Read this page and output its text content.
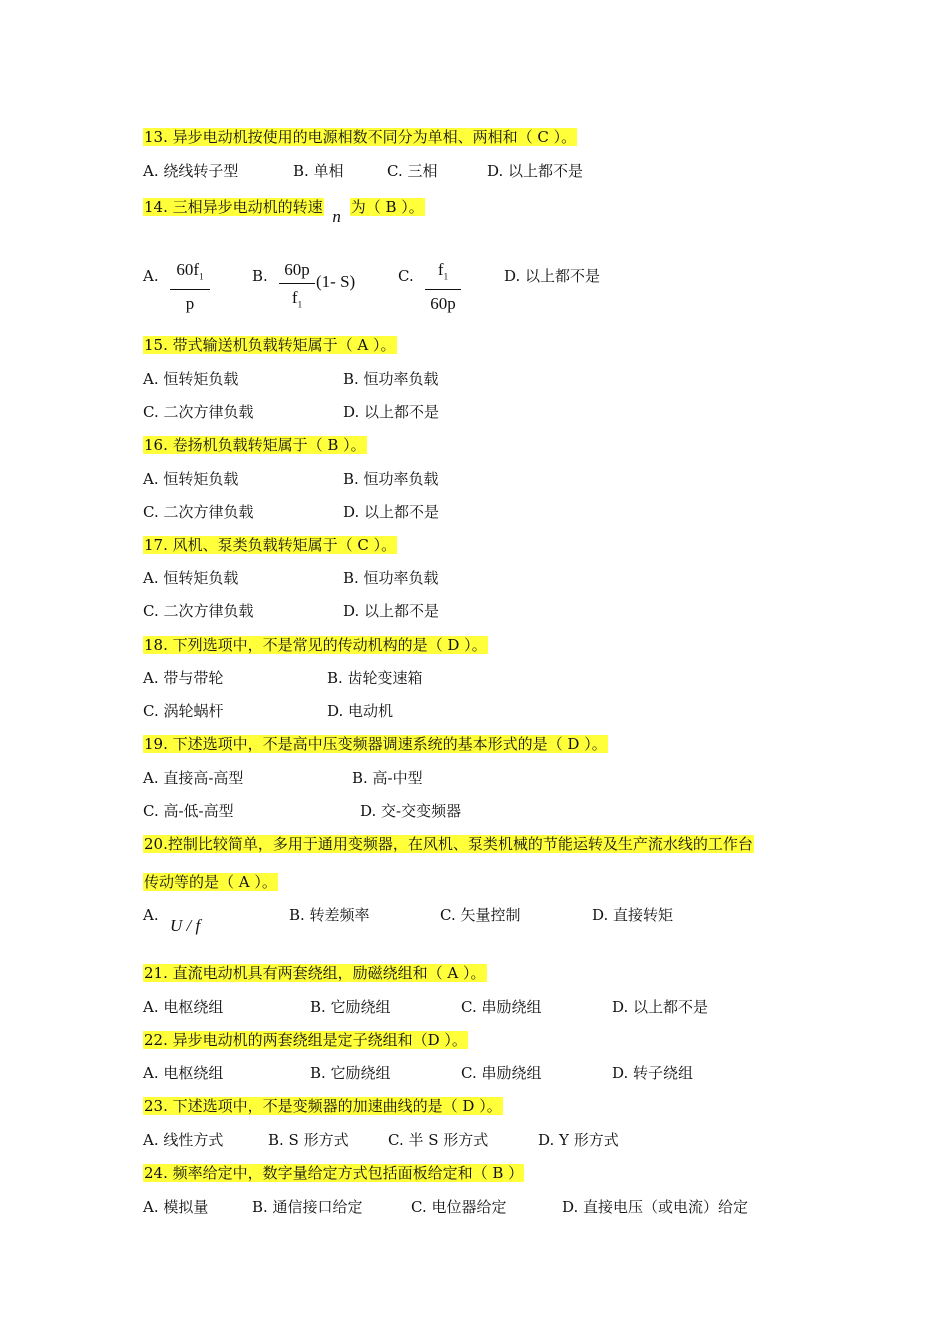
13. 异步电动机按使用的电源相数不同分为单相、两相和（ C ）。
A. 绕线转子型	B. 单相	C. 三相	D. 以上都不是
14. 三相异步电动机的转速 n 为（ B ）。
A.	$60f_1$
p
B. 60p
$f_1$
(1- S)	C.	$f_1$
60p
D. 以上都不是
15. 带式输送机负载转矩属于（ A ）。
A. 恒转矩负载	B. 恒功率负载
C. 二次方律负载	D. 以上都不是
16. 卷扬机负载转矩属于（ B ）。
A. 恒转矩负载	B. 恒功率负载
C. 二次方律负载	D. 以上都不是
17. 风机、泵类负载转矩属于（ C ）。
A. 恒转矩负载	B. 恒功率负载
C. 二次方律负载	D. 以上都不是
18. 下列选项中，不是常见的传动机构的是（ D ）。
A. 带与带轮	B. 齿轮变速箱
C. 涡轮蜗杆	D. 电动机
19. 下述选项中，不是高中压变频器调速系统的基本形式的是（ D ）。
A. 直接高-高型	B. 高-中型
C. 高-低-高型	D. 交-交变频器
20.控制比较简单，多用于通用变频器，在风机、泵类机械的节能运转及生产流水线的工作台
传动等的是（ A ）。
A.
U / f
B. 转差频率	C. 矢量控制	D. 直接转矩
21. 直流电动机具有两套绕组，励磁绕组和（ A ）。
A. 电枢绕组	B. 它励绕组	C. 串励绕组	D. 以上都不是
22. 异步电动机的两套绕组是定子绕组和（D ）。
A. 电枢绕组	B. 它励绕组	C. 串励绕组	D. 转子绕组
23. 下述选项中，不是变频器的加速曲线的是（ D ）。
A. 线性方式	B. S 形方式	C. 半 S 形方式	D. Y 形方式
24. 频率给定中，数字量给定方式包括面板给定和（ B ）
A. 模拟量	B. 通信接口给定	C. 电位器给定	D. 直接电压（或电流）给定
